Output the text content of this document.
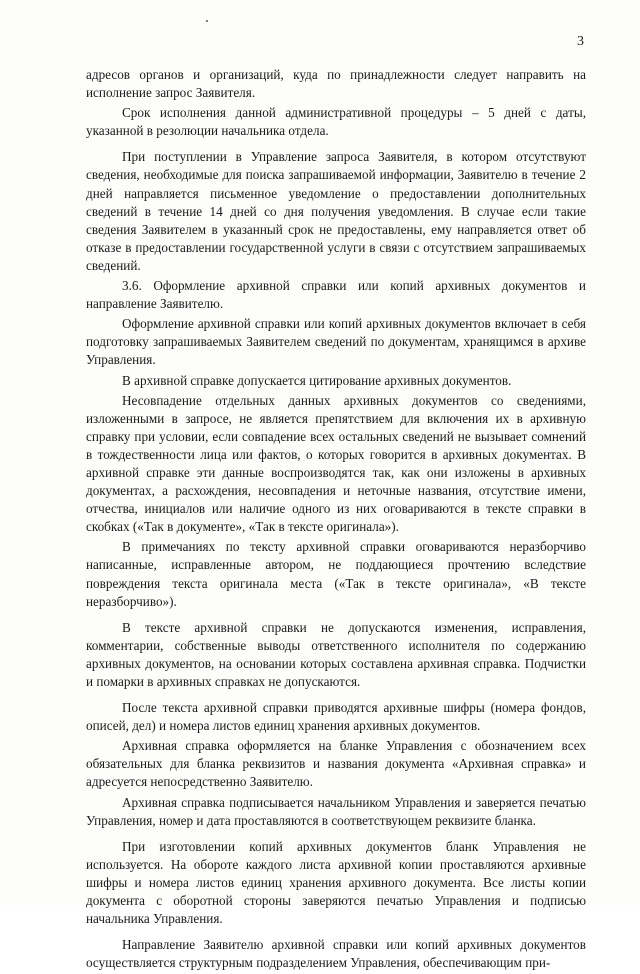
3

адресов органов и организаций, куда по принадлежности следует направить на исполнение запрос Заявителя.

Срок исполнения данной административной процедуры – 5 дней с даты, указанной в резолюции начальника отдела.

При поступлении в Управление запроса Заявителя, в котором отсутствуют сведения, необходимые для поиска запрашиваемой информации, Заявителю в течение 2 дней направляется письменное уведомление о предоставлении дополнительных сведений в течение 14 дней со дня получения уведомления. В случае если такие сведения Заявителем в указанный срок не предоставлены, ему направляется ответ об отказе в предоставлении государственной услуги в связи с отсутствием запрашиваемых сведений.

3.6. Оформление архивной справки или копий архивных документов и направление Заявителю.

Оформление архивной справки или копий архивных документов включает в себя подготовку запрашиваемых Заявителем сведений по документам, хранящимся в архиве Управления.

В архивной справке допускается цитирование архивных документов.

Несовпадение отдельных данных архивных документов со сведениями, изложенными в запросе, не является препятствием для включения их в архивную справку при условии, если совпадение всех остальных сведений не вызывает сомнений в тождественности лица или фактов, о которых говорится в архивных документах. В архивной справке эти данные воспроизводятся так, как они изложены в архивных документах, а расхождения, несовпадения и неточные названия, отсутствие имени, отчества, инициалов или наличие одного из них оговариваются в тексте справки в скобках («Так в документе», «Так в тексте оригинала»).

В примечаниях по тексту архивной справки оговариваются неразборчиво написанные, исправленные автором, не поддающиеся прочтению вследствие повреждения текста оригинала места («Так в тексте оригинала», «В тексте неразборчиво»).

В тексте архивной справки не допускаются изменения, исправления, комментарии, собственные выводы ответственного исполнителя по содержанию архивных документов, на основании которых составлена архивная справка. Подчистки и помарки в архивных справках не допускаются.

После текста архивной справки приводятся архивные шифры (номера фондов, описей, дел) и номера листов единиц хранения архивных документов.

Архивная справка оформляется на бланке Управления с обозначением всех обязательных для бланка реквизитов и названия документа «Архивная справка» и адресуется непосредственно Заявителю.

Архивная справка подписывается начальником Управления и заверяется печатью Управления, номер и дата проставляются в соответствующем реквизите бланка.

При изготовлении копий архивных документов бланк Управления не используется. На обороте каждого листа архивной копии проставляются архивные шифры и номера листов единиц хранения архивного документа. Все листы копии документа с оборотной стороны заверяются печатью Управления и подписью начальника Управления.

Направление Заявителю архивной справки или копий архивных документов осуществляется структурным подразделением Управления, обеспечивающим при-
